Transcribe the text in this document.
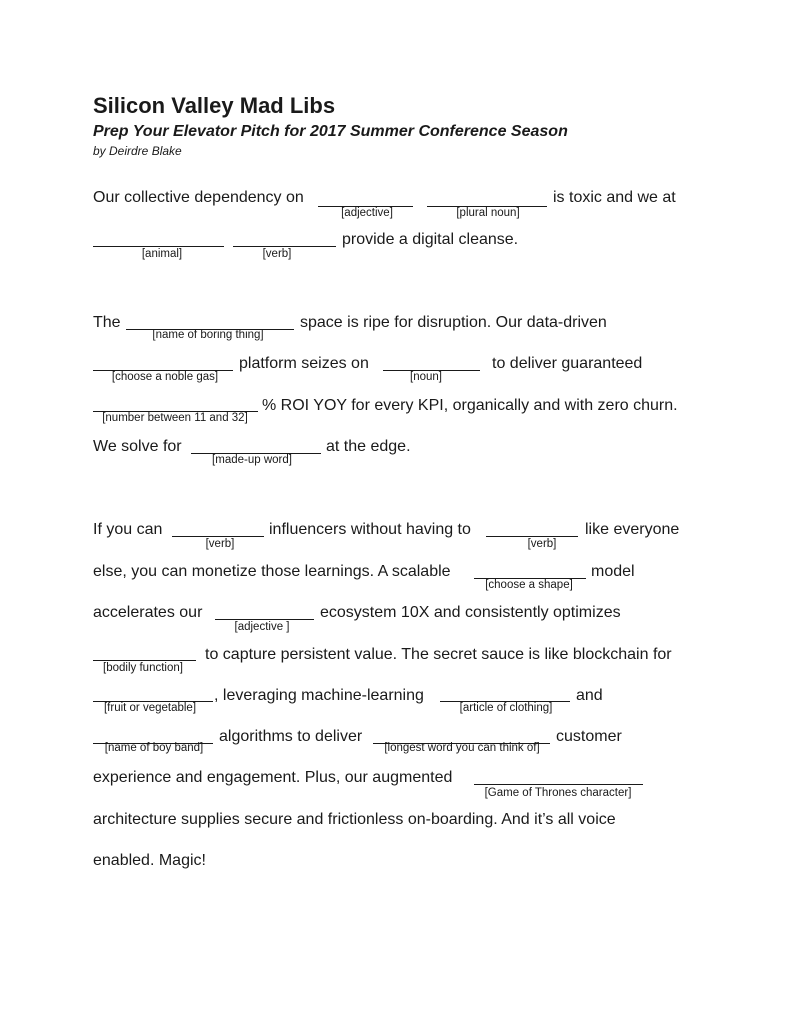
Silicon Valley Mad Libs
Prep Your Elevator Pitch for 2017 Summer Conference Season
by Deirdre Blake
Our collective dependency on	is toxic and we at
[adjective]	[plural noun]
provide a digital cleanse.
[animal]	[verb]
The	space is ripe for disruption. Our data-driven
[name of boring thing]
platform seizes on	to deliver guaranteed
[choose a noble gas]	[noun]
% ROI YOY for every KPI, organically and with zero churn.
[number between 11 and 32]
We solve for	at the edge.
[made-up word]
If you can	influencers without having to	like everyone
[verb]	[verb]
else, you can monetize those learnings. A scalable	model
[choose a shape]
accelerates our	ecosystem 10X and consistently optimizes
[adjective ]
to capture persistent value. The secret sauce is like blockchain for
[bodily function]
, leveraging machine-learning	and
[fruit or vegetable]	[article of clothing]
algorithms to deliver	customer
[name of boy band]	[longest word you can think of]
experience and engagement. Plus, our augmented
[Game of Thrones character]
architecture supplies secure and frictionless on-boarding. And it’s all voice
enabled. Magic!
